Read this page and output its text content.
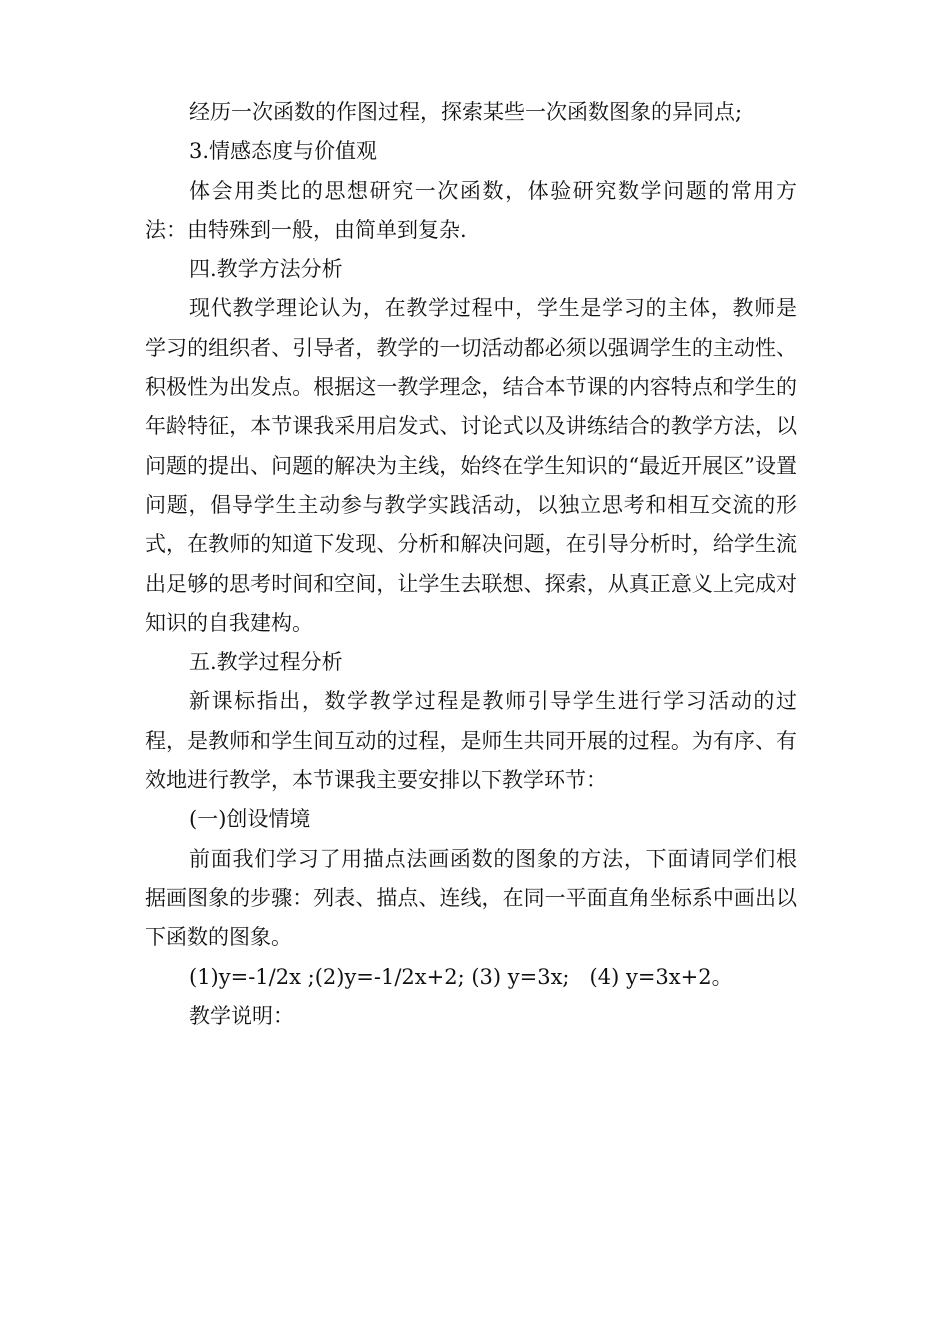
经历一次函数的作图过程，探索某些一次函数图象的异同点;

3.情感态度与价值观

体会用类比的思想研究一次函数，体验研究数学问题的常用方法：由特殊到一般，由简单到复杂.

四.教学方法分析

现代教学理论认为，在教学过程中，学生是学习的主体，教师是学习的组织者、引导者，教学的一切活动都必须以强调学生的主动性、积极性为出发点。根据这一教学理念，结合本节课的内容特点和学生的年龄特征，本节课我采用启发式、讨论式以及讲练结合的教学方法，以问题的提出、问题的解决为主线，始终在学生知识的“最近开展区”设置问题，倡导学生主动参与教学实践活动，以独立思考和相互交流的形式，在教师的知道下发现、分析和解决问题，在引导分析时，给学生流出足够的思考时间和空间，让学生去联想、探索，从真正意义上完成对知识的自我建构。

五.教学过程分析

新课标指出，数学教学过程是教师引导学生进行学习活动的过程，是教师和学生间互动的过程，是师生共同开展的过程。为有序、有效地进行教学，本节课我主要安排以下教学环节：

(一)创设情境

前面我们学习了用描点法画函数的图象的方法，下面请同学们根据画图象的步骤：列表、描点、连线，在同一平面直角坐标系中画出以下函数的图象。

(1)y=-1/2x ;(2)y=-1/2x+2; (3) y=3x;   (4) y=3x+2。

教学说明：
